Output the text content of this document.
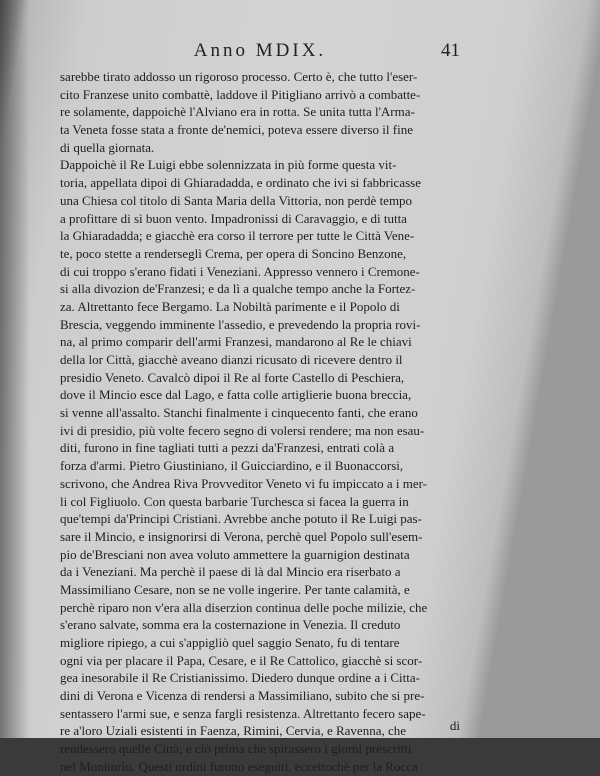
Anno MDIX.	41
sarebbe tirato addosso un rigoroso processo. Certo è, che tutto l'eser-
cito Franzese unito combattè, laddove il Pitigliano arrivò a combatte-
re solamente, dappoichè l'Alviano era in rotta. Se unita tutta l'Arma-
ta Veneta fosse stata a fronte de'nemici, poteva essere diverso il fine
di quella giornata.
Dappoichè il Re Luigi ebbe solennizzata in più forme questa vit-
toria, appellata dipoi di Ghiaradadda, e ordinato che ivi si fabbricasse
una Chiesa col titolo di Santa Maria della Vittoria, non perdè tempo
a profittare di sì buon vento. Impadronissi di Caravaggio, e di tutta
la Ghiaradadda; e giacchè era corso il terrore per tutte le Città Vene-
te, poco stette a renderseglì Crema, per opera di Soncino Benzone,
di cui troppo s'erano fidati i Veneziani. Appresso vennero i Cremone-
si alla divozion de'Franzesi; e da lì a qualche tempo anche la Fortez-
za. Altrettanto fece Bergamo. La Nobiltà parimente e il Popolo di
Brescia, veggendo imminente l'assedio, e prevedendo la propria rovi-
na, al primo comparir dell'armi Franzesi, mandarono al Re le chiavi
della lor Città, giacchè aveano dianzi ricusato di ricevere dentro il
presidio Veneto. Cavalcò dipoi il Re al forte Castello di Peschiera,
dove il Mincio esce dal Lago, e fatta colle artiglierie buona breccia,
si venne all'assalto. Stanchi finalmente i cinquecento fanti, che erano
ivi di presidio, più volte fecero segno di volersi rendere; ma non esau-
diti, furono in fine tagliati tutti a pezzi da'Franzesi, entrati colà a
forza d'armi. Pietro Giustiniano, il Guicciardino, e il Buonaccorsi,
scrivono, che Andrea Riva Provveditor Veneto vi fu impiccato a i mer-
li col Figliuolo. Con questa barbarie Turchesca si facea la guerra in
que'tempi da'Principi Cristiani. Avrebbe anche potuto il Re Luigi pas-
sare il Mincio, e insignorirsi di Verona, perchè quel Popolo sull'esem-
pio de'Bresciani non avea voluto ammettere la guarnigion destinata
da i Veneziani. Ma perchè il paese di là dal Mincio era riserbato a
Massimiliano Cesare, non se ne volle ingerire. Per tante calamità, e
perchè riparo non v'era alla diserzion continua delle poche milizie, che
s'erano salvate, somma era la costernazione in Venezia. Il creduto
migliore ripiego, a cui s'appigliò quel saggio Senato, fu di tentare
ogni via per placare il Papa, Cesare, e il Re Cattolico, giacchè si scor-
gea inesorabile il Re Cristianissimo. Diedero dunque ordine a i Citta-
dini di Verona e Vicenza di rendersi a Massimiliano, subito che si pre-
sentassero l'armi sue, e senza fargli resistenza. Altrettanto fecero sape-
re a'loro Uziali esistenti in Faenza, Rimini, Cervia, e Ravenna, che
rendessero quelle Città; e ciò prima che spirassero i giorni prescritti
nel Monitorio. Questi ordini furono eseguiti, eccettochè per la Rocca
di
